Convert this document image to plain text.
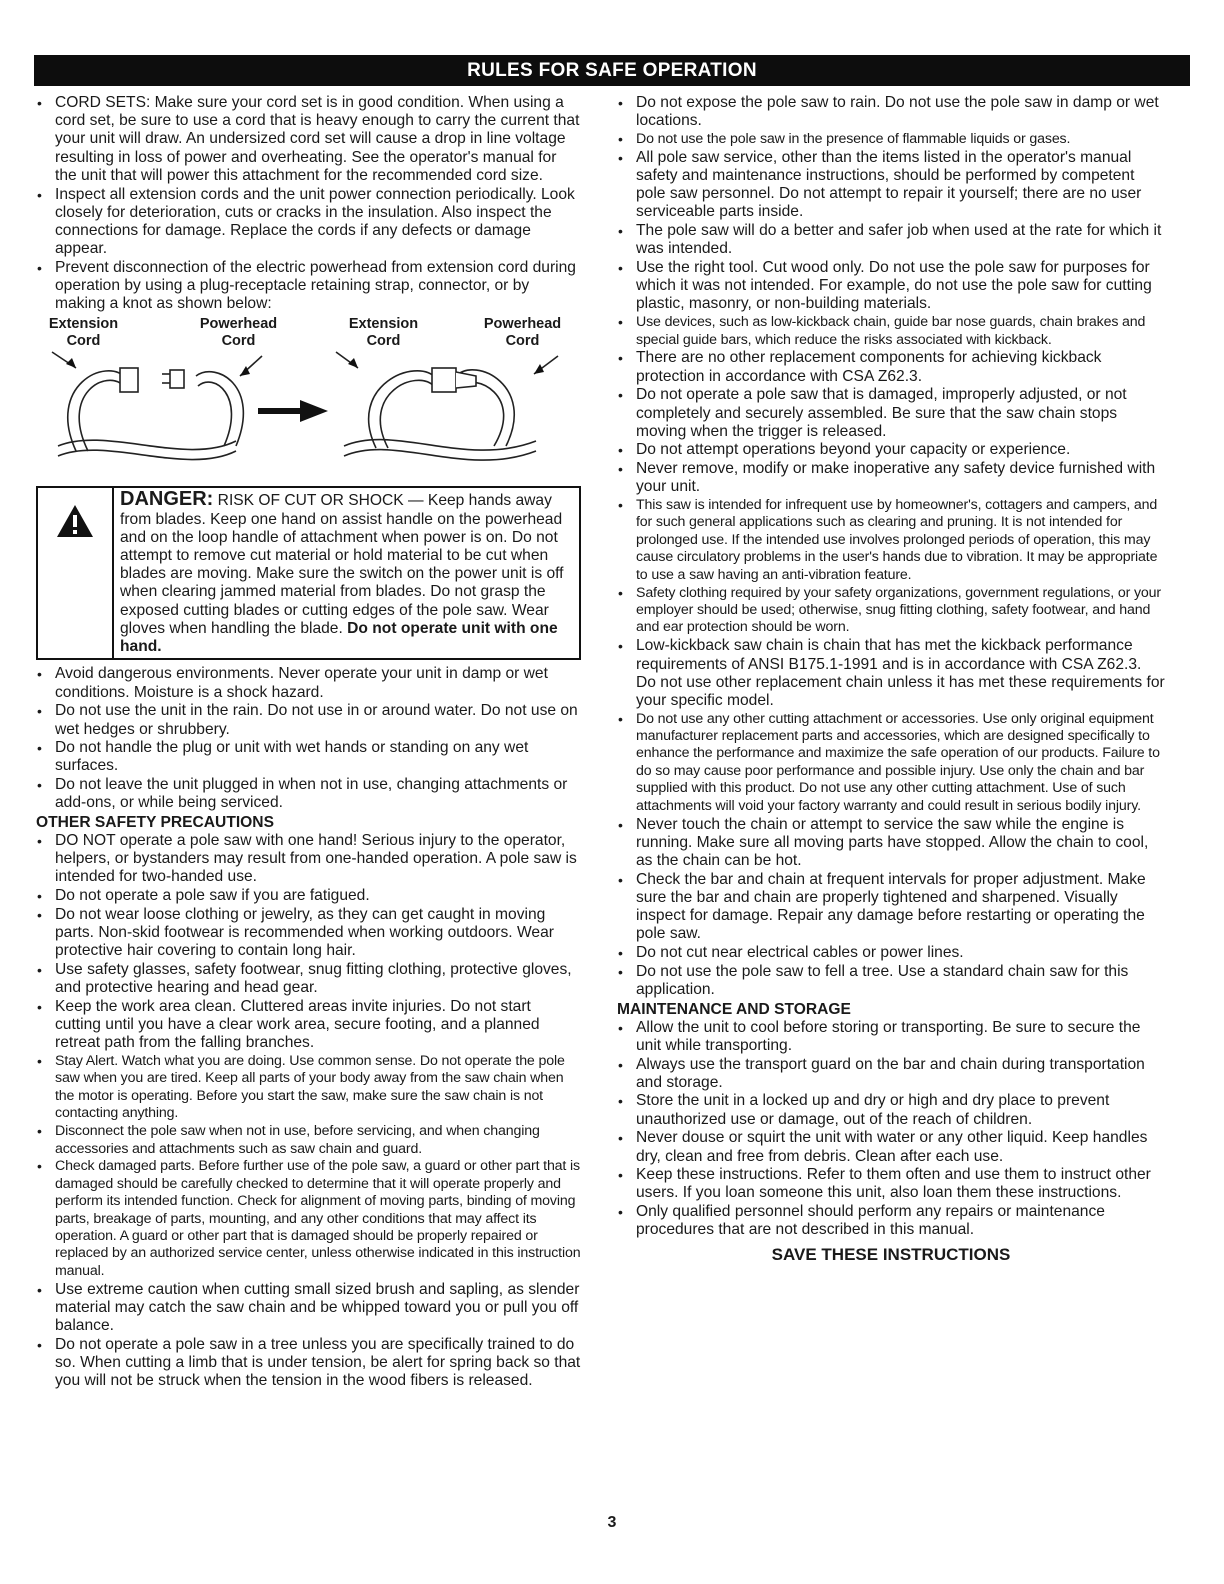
RULES FOR SAFE OPERATION
• CORD SETS: Make sure your cord set is in good condition. When using a cord set, be sure to use a cord that is heavy enough to carry the current that your unit will draw. An undersized cord set will cause a drop in line voltage resulting in loss of power and overheating. See the operator's manual for the unit that will power this attachment for the recommended cord size.
• Inspect all extension cords and the unit power connection periodically. Look closely for deterioration, cuts or cracks in the insulation. Also inspect the connections for damage. Replace the cords if any defects or damage appear.
• Prevent disconnection of the electric powerhead from extension cord during operation by using a plug-receptacle retaining strap, connector, or by making a knot as shown below:
Extension
Cord
Powerhead
Cord
Extension
Cord
Powerhead
Cord
DANGER: RISK OF CUT OR SHOCK — Keep hands away from blades. Keep one hand on assist handle on the powerhead and on the loop handle of attachment when power is on. Do not attempt to remove cut material or hold material to be cut when blades are moving. Make sure the switch on the power unit is off when clearing jammed material from blades. Do not grasp the exposed cutting blades or cutting edges of the pole saw. Wear gloves when handling the blade. Do not operate unit with one hand.
• Avoid dangerous environments. Never operate your unit in damp or wet conditions. Moisture is a shock hazard.
• Do not use the unit in the rain. Do not use in or around water. Do not use on wet hedges or shrubbery.
• Do not handle the plug or unit with wet hands or standing on any wet surfaces.
• Do not leave the unit plugged in when not in use, changing attachments or add-ons, or while being serviced.
OTHER SAFETY PRECAUTIONS
• DO NOT operate a pole saw with one hand! Serious injury to the operator, helpers, or bystanders may result from one-handed operation. A pole saw is intended for two-handed use.
• Do not operate a pole saw if you are fatigued.
• Do not wear loose clothing or jewelry, as they can get caught in moving parts. Non-skid footwear is recommended when working outdoors. Wear protective hair covering to contain long hair.
• Use safety glasses, safety footwear, snug fitting clothing, protective gloves, and protective hearing and head gear.
• Keep the work area clean. Cluttered areas invite injuries. Do not start cutting until you have a clear work area, secure footing, and a planned retreat path from the falling branches.
• Stay Alert. Watch what you are doing. Use common sense. Do not operate the pole saw when you are tired. Keep all parts of your body away from the saw chain when the motor is operating. Before you start the saw, make sure the saw chain is not contacting anything.
• Disconnect the pole saw when not in use, before servicing, and when changing accessories and attachments such as saw chain and guard.
• Check damaged parts. Before further use of the pole saw, a guard or other part that is damaged should be carefully checked to determine that it will operate properly and perform its intended function. Check for alignment of moving parts, binding of moving parts, breakage of parts, mounting, and any other conditions that may affect its operation. A guard or other part that is damaged should be properly repaired or replaced by an authorized service center, unless otherwise indicated in this instruction manual.
• Use extreme caution when cutting small sized brush and sapling, as slender material may catch the saw chain and be whipped toward you or pull you off balance.
• Do not operate a pole saw in a tree unless you are specifically trained to do so. When cutting a limb that is under tension, be alert for spring back so that you will not be struck when the tension in the wood fibers is released.
• Do not expose the pole saw to rain. Do not use the pole saw in damp or wet locations.
• Do not use the pole saw in the presence of flammable liquids or gases.
• All pole saw service, other than the items listed in the operator's manual safety and maintenance instructions, should be performed by competent pole saw personnel. Do not attempt to repair it yourself; there are no user serviceable parts inside.
• The pole saw will do a better and safer job when used at the rate for which it was intended.
• Use the right tool. Cut wood only. Do not use the pole saw for purposes for which it was not intended. For example, do not use the pole saw for cutting plastic, masonry, or non-building materials.
• Use devices, such as low-kickback chain, guide bar nose guards, chain brakes and special guide bars, which reduce the risks associated with kickback.
• There are no other replacement components for achieving kickback protection in accordance with CSA Z62.3.
• Do not operate a pole saw that is damaged, improperly adjusted, or not completely and securely assembled. Be sure that the saw chain stops moving when the trigger is released.
• Do not attempt operations beyond your capacity or experience.
• Never remove, modify or make inoperative any safety device furnished with your unit.
• This saw is intended for infrequent use by homeowner's, cottagers and campers, and for such general applications such as clearing and pruning. It is not intended for prolonged use. If the intended use involves prolonged periods of operation, this may cause circulatory problems in the user's hands due to vibration. It may be appropriate to use a saw having an anti-vibration feature.
• Safety clothing required by your safety organizations, government regulations, or your employer should be used; otherwise, snug fitting clothing, safety footwear, and hand and ear protection should be worn.
• Low-kickback saw chain is chain that has met the kickback performance requirements of ANSI B175.1-1991 and is in accordance with CSA Z62.3. Do not use other replacement chain unless it has met these requirements for your specific model.
• Do not use any other cutting attachment or accessories. Use only original equipment manufacturer replacement parts and accessories, which are designed specifically to enhance the performance and maximize the safe operation of our products. Failure to do so may cause poor performance and possible injury. Use only the chain and bar supplied with this product. Do not use any other cutting attachment. Use of such attachments will void your factory warranty and could result in serious bodily injury.
• Never touch the chain or attempt to service the saw while the engine is running. Make sure all moving parts have stopped. Allow the chain to cool, as the chain can be hot.
• Check the bar and chain at frequent intervals for proper adjustment. Make sure the bar and chain are properly tightened and sharpened. Visually inspect for damage. Repair any damage before restarting or operating the pole saw.
• Do not cut near electrical cables or power lines.
• Do not use the pole saw to fell a tree. Use a standard chain saw for this application.
MAINTENANCE AND STORAGE
• Allow the unit to cool before storing or transporting. Be sure to secure the unit while transporting.
• Always use the transport guard on the bar and chain during transportation and storage.
• Store the unit in a locked up and dry or high and dry place to prevent unauthorized use or damage, out of the reach of children.
• Never douse or squirt the unit with water or any other liquid. Keep handles dry, clean and free from debris. Clean after each use.
• Keep these instructions. Refer to them often and use them to instruct other users. If you loan someone this unit, also loan them these instructions.
• Only qualified personnel should perform any repairs or maintenance procedures that are not described in this manual.
SAVE THESE INSTRUCTIONS
3
